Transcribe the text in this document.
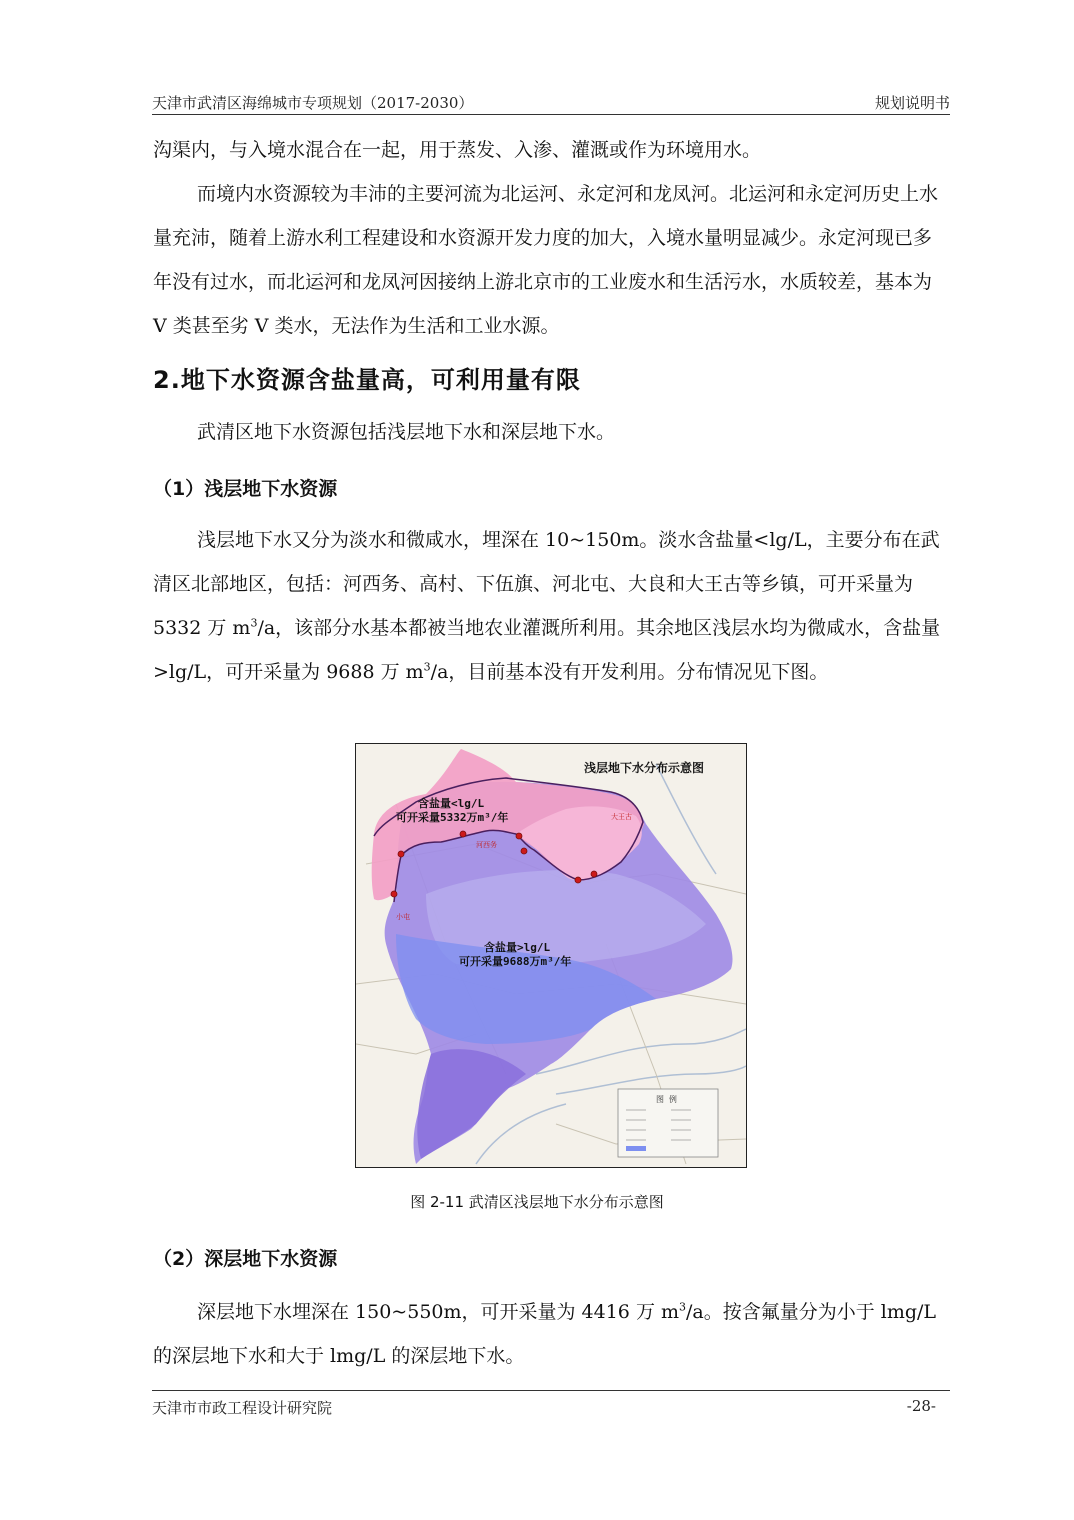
天津市武清区海绵城市专项规划（2017-2030）	规划说明书

沟渠内，与入境水混合在一起，用于蒸发、入渗、灌溉或作为环境用水。

而境内水资源较为丰沛的主要河流为北运河、永定河和龙凤河。北运河和永定河历史上水量充沛，随着上游水利工程建设和水资源开发力度的加大，入境水量明显减少。永定河现已多年没有过水，而北运河和龙凤河因接纳上游北京市的工业废水和生活污水，水质较差，基本为 V 类甚至劣 V 类水，无法作为生活和工业水源。

2.地下水资源含盐量高，可利用量有限

武清区地下水资源包括浅层地下水和深层地下水。

（1）浅层地下水资源

浅层地下水又分为淡水和微咸水，埋深在 10~150m。淡水含盐量<lg/L，主要分布在武清区北部地区，包括：河西务、高村、下伍旗、河北屯、大良和大王古等乡镇，可开采量为 5332 万 $m^3/a$，该部分水基本都被当地农业灌溉所利用。其余地区浅层水均为微咸水，含盐量>lg/L，可开采量为 9688 万 $m^3/a$，目前基本没有开发利用。分布情况见下图。

小屯
河西务
大王古
浅层地下水分布示意图
含盐量<lg/L
可开采量5332万m³/年
含盐量>lg/L
可开采量9688万m³/年
图 例
图 2-11 武清区浅层地下水分布示意图
（2）深层地下水资源

深层地下水埋深在 150~550m，可开采量为 4416 万 $m^3/a$。按含氟量分为小于 lmg/L 的深层地下水和大于 lmg/L 的深层地下水。

天津市市政工程设计研究院	-28-
